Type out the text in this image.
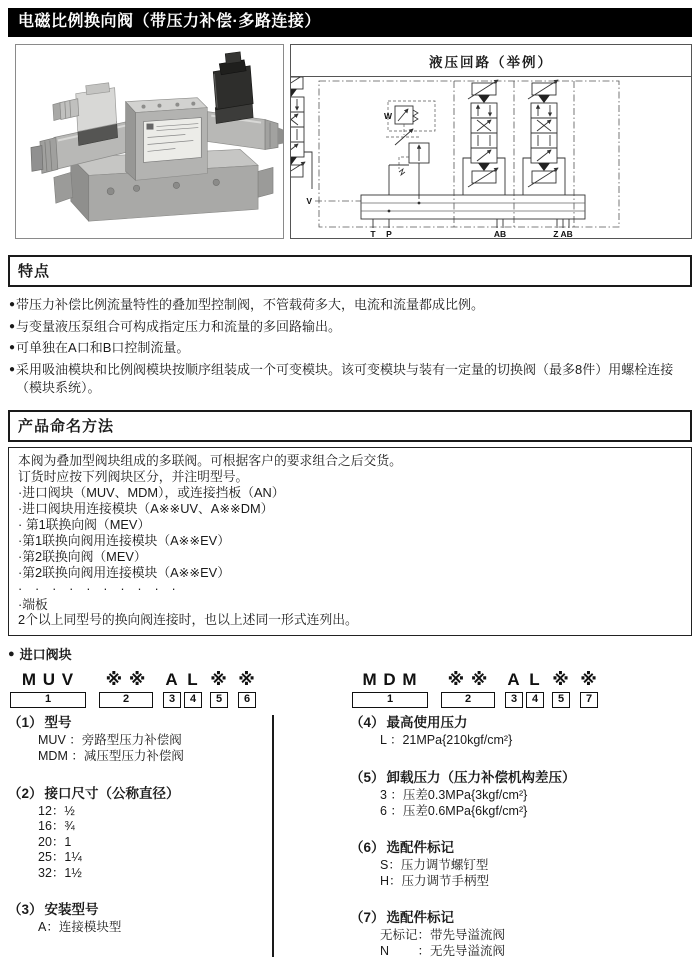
电磁比例换向阀（带压力补偿·多路连接）
液压回路（举例）
W
V
T P	AB	Z AB
特点
● 带压力补偿比例流量特性的叠加型控制阀，不管载荷多大，电流和流量都成比例。
● 与变量液压泵组合可构成指定压力和流量的多回路输出。
● 可单独在A口和B口控制流量。
● 采用吸油模块和比例阀模块按顺序组装成一个可变模块。该可变模块与装有一定量的切换阀（最多8件）用螺栓连接（模块系统）。
产品命名方法
本阀为叠加型阀块组成的多联阀。可根据客户的要求组合之后交货。
订货时应按下列阀块区分，并注明型号。
·进口阀块（MUV、MDM），或连接挡板（AN）
·进口阀块用连接模块（A※※UV、A※※DM）
· 第1联换向阀（MEV）
·第1联换向阀用连接模块（A※※EV）
·第2联换向阀（MEV）
·第2联换向阀用连接模块（A※※EV）
·　·　·　·　·　·　·　·　·　·
·端板
2个以上同型号的换向阀连接时，也以上述同一形式连列出。
● 进口阀块
M U V
1
※ ※
2
A
3
L
4
※
5
※
6
（1） 型号
MUV ：旁路型压力补偿阀
MDM ：减压型压力补偿阀
（2） 接口尺寸（公称直径）
12：½
16：¾
20：1
25：1¼
32：1½
（3） 安装型号
A：连接模块型
M D M
1
※ ※
2
A
3
L
4
※
5
※
7
（4） 最高使用压力
L ：21MPa{210kgf/cm²}
（5） 卸载压力（压力补偿机构差压）
3 ：压差0.3MPa{3kgf/cm²}
6 ：压差0.6MPa{6kgf/cm²}
（6） 选配件标记
S：压力调节螺钉型
H：压力调节手柄型
（7） 选配件标记
无标记：带先导溢流阀
N　　 ：无先导溢流阀
